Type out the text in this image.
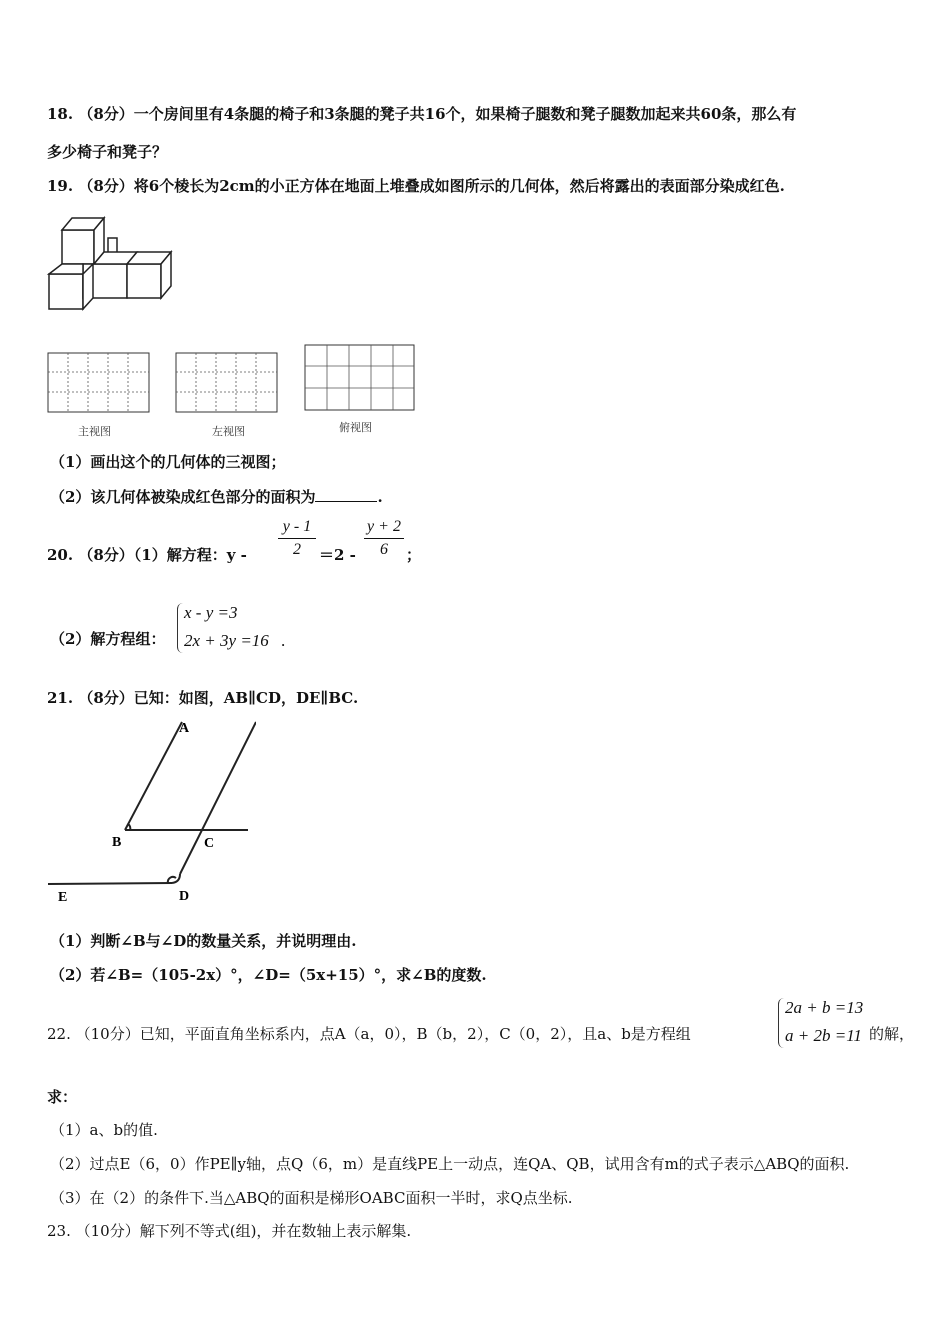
18. （8分）一个房间里有4条腿的椅子和3条腿的凳子共16个，如果椅子腿数和凳子腿数加起来共60条，那么有
多少椅子和凳子？
19. （8分）将6个棱长为2cm的小正方体在地面上堆叠成如图所示的几何体，然后将露出的表面部分染成红色.
主视图	左视图	俯视图
（1）画出这个的几何体的三视图；
（2）该几何体被染成红色部分的面积为	.
20. （8分）（1）解方程：$y - \frac{y - 1}{2} =2 - \frac{y + 2}{6}$ ；
（2）解方程组：
x - y =3
2x + 3y =16 .
21. （8分）已知：如图，AB∥CD，DE∥BC.
A
B	C
D
E
（1）判断∠B与∠D的数量关系，并说明理由.
（2）若∠B=（105-2x）°，∠D=（5x+15）°，求∠B的度数.
22. （10分）已知，平面直角坐标系内，点A（a，0），B（b，2），C（0，2），且a、b是方程组
2a + b =13
a + 2b =11 的解，
求：
（1）a、b的值.
（2）过点E（6，0）作PE∥y轴，点Q（6，m）是直线PE上一动点，连QA、QB，试用含有m的式子表示△ABQ的面积.
（3）在（2）的条件下.当△ABQ的面积是梯形OABC面积一半时，求Q点坐标.
23. （10分）解下列不等式(组)，并在数轴上表示解集.
